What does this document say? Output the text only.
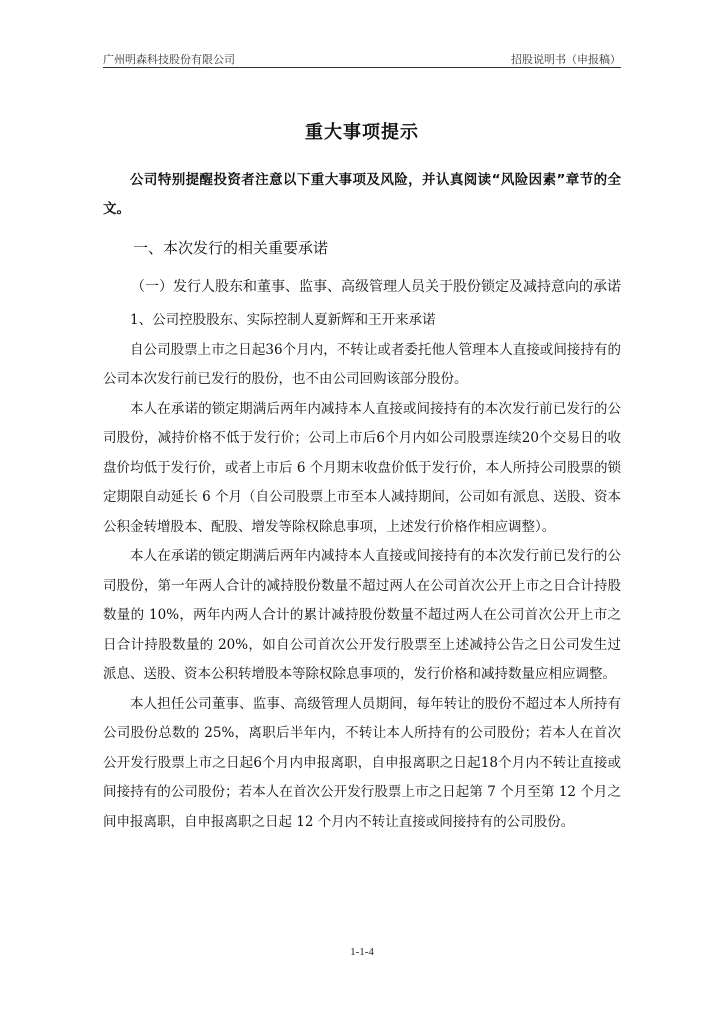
广州明森科技股份有限公司	招股说明书（申报稿）
重大事项提示

公司特别提醒投资者注意以下重大事项及风险，并认真阅读“风险因素”章节的全文。

一、本次发行的相关重要承诺

（一）发行人股东和董事、监事、高级管理人员关于股份锁定及减持意向的承诺

1、公司控股股东、实际控制人夏新辉和王开来承诺

自公司股票上市之日起36个月内，不转让或者委托他人管理本人直接或间接持有的公司本次发行前已发行的股份，也不由公司回购该部分股份。

本人在承诺的锁定期满后两年内减持本人直接或间接持有的本次发行前已发行的公司股份，减持价格不低于发行价；公司上市后6个月内如公司股票连续20个交易日的收盘价均低于发行价，或者上市后 6 个月期末收盘价低于发行价，本人所持公司股票的锁定期限自动延长 6 个月（自公司股票上市至本人减持期间，公司如有派息、送股、资本公积金转增股本、配股、增发等除权除息事项，上述发行价格作相应调整）。

本人在承诺的锁定期满后两年内减持本人直接或间接持有的本次发行前已发行的公司股份，第一年两人合计的减持股份数量不超过两人在公司首次公开上市之日合计持股数量的 10%，两年内两人合计的累计减持股份数量不超过两人在公司首次公开上市之日合计持股数量的 20%，如自公司首次公开发行股票至上述减持公告之日公司发生过派息、送股、资本公积转增股本等除权除息事项的，发行价格和减持数量应相应调整。

本人担任公司董事、监事、高级管理人员期间，每年转让的股份不超过本人所持有公司股份总数的 25%，离职后半年内，不转让本人所持有的公司股份；若本人在首次公开发行股票上市之日起6个月内申报离职，自申报离职之日起18个月内不转让直接或间接持有的公司股份；若本人在首次公开发行股票上市之日起第 7 个月至第 12 个月之间申报离职，自申报离职之日起 12 个月内不转让直接或间接持有的公司股份。

1-1-4
